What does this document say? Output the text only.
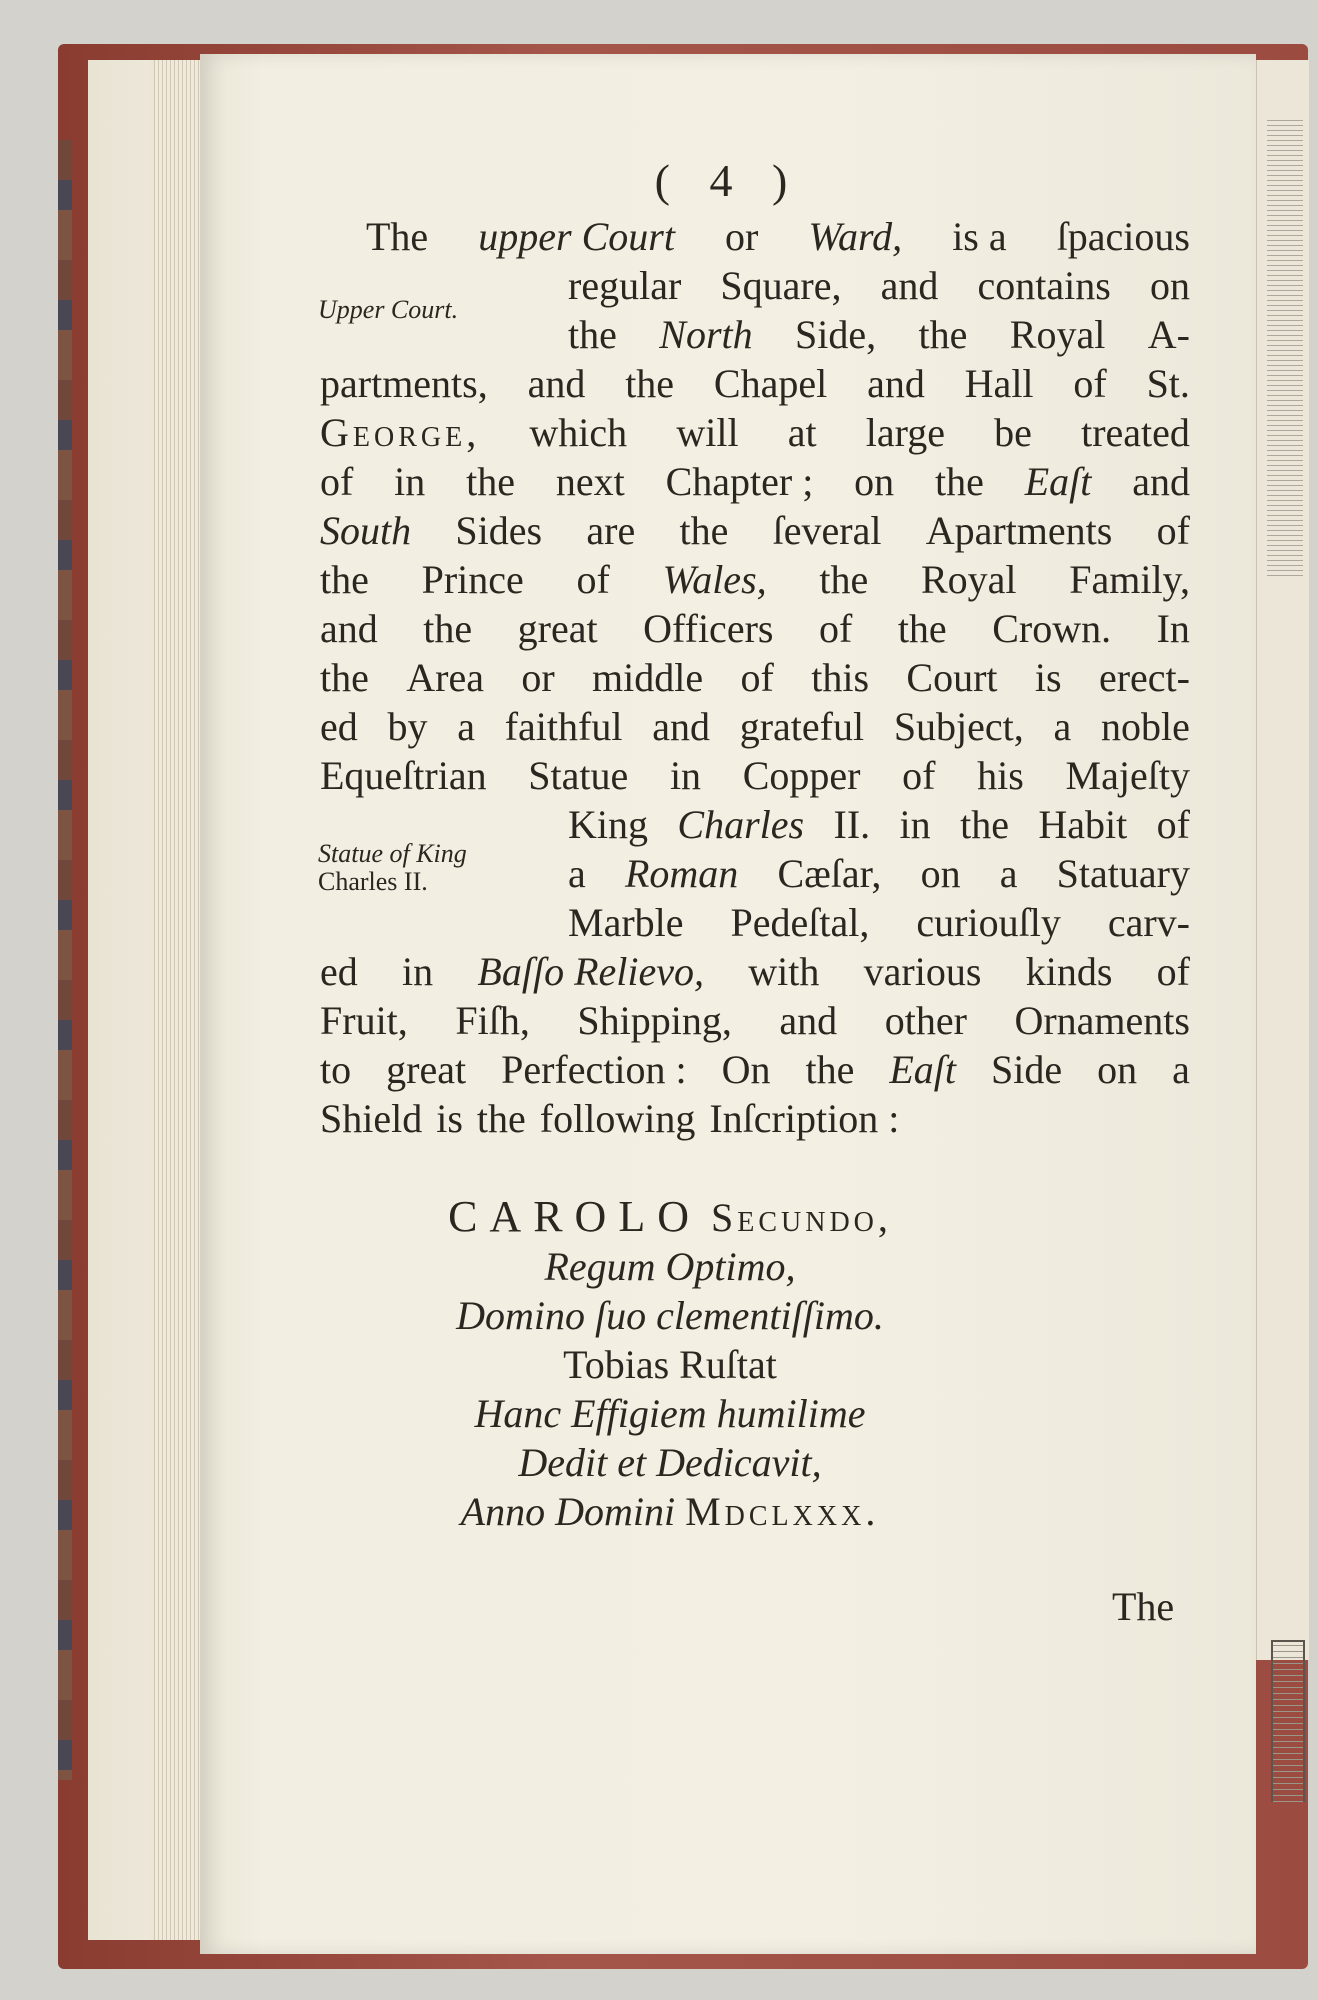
( 4 )
Upper Court.
Statue of King
Charles II.
The upper Court or Ward, is a ſpacious
regular Square, and contains on
the North Side, the Royal A-
partments, and the Chapel and Hall of St.
George, which will at large be treated
of in the next Chapter ; on the Eaſt and
South Sides are the ſeveral Apartments of
the Prince of Wales, the Royal Family,
and the great Officers of the Crown. In
the Area or middle of this Court is erect-
ed by a faithful and grateful Subject, a noble
Equeſtrian Statue in Copper of his Majeſty
King Charles II. in the Habit of
a Roman Cæſar, on a Statuary
Marble Pedeſtal, curiouſly carv-
ed in Baſſo Relievo, with various kinds of
Fruit, Fiſh, Shipping, and other Ornaments
to great Perfection : On the Eaſt Side on a
Shield is the following Inſcription :
CAROLO Secundo,
Regum Optimo,
Domino ſuo clementiſſimo.
Tobias Ruſtat
Hanc Effigiem humilime
Dedit et Dedicavit,
Anno Domini Mdclxxx.
The
